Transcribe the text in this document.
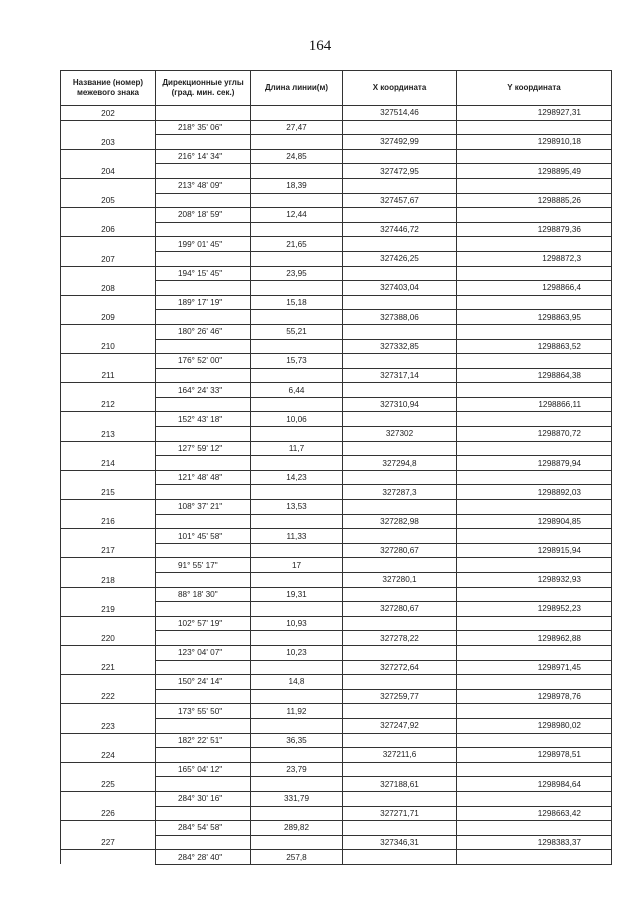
164
Название (номер) межевого знака	Дирекционные углы (град. мин. сек.)	Длина линии(м)	X координата	Y координата
202			327514,46	1298927,31
	218° 35' 06"	27,47		
203			327492,99	1298910,18
	216° 14' 34"	24,85		
204			327472,95	1298895,49
	213° 48' 09"	18,39		
205			327457,67	1298885,26
	208° 18' 59"	12,44		
206			327446,72	1298879,36
	199° 01' 45"	21,65		
207			327426,25	1298872,3
	194° 15' 45"	23,95		
208			327403,04	1298866,4
	189° 17' 19"	15,18		
209			327388,06	1298863,95
	180° 26' 46"	55,21		
210			327332,85	1298863,52
	176° 52' 00"	15,73		
211			327317,14	1298864,38
	164° 24' 33"	6,44		
212			327310,94	1298866,11
	152° 43' 18"	10,06		
213			327302	1298870,72
	127° 59' 12"	11,7		
214			327294,8	1298879,94
	121° 48' 48"	14,23		
215			327287,3	1298892,03
	108° 37' 21"	13,53		
216			327282,98	1298904,85
	101° 45' 58"	11,33		
217			327280,67	1298915,94
	91° 55' 17"	17		
218			327280,1	1298932,93
	88° 18' 30"	19,31		
219			327280,67	1298952,23
	102° 57' 19"	10,93		
220			327278,22	1298962,88
	123° 04' 07"	10,23		
221			327272,64	1298971,45
	150° 24' 14"	14,8		
222			327259,77	1298978,76
	173° 55' 50"	11,92		
223			327247,92	1298980,02
	182° 22' 51"	36,35		
224			327211,6	1298978,51
	165° 04' 12"	23,79		
225			327188,61	1298984,64
	284° 30' 16"	331,79		
226			327271,71	1298663,42
	284° 54' 58"	289,82		
227			327346,31	1298383,37
	284° 28' 40"	257,8		
